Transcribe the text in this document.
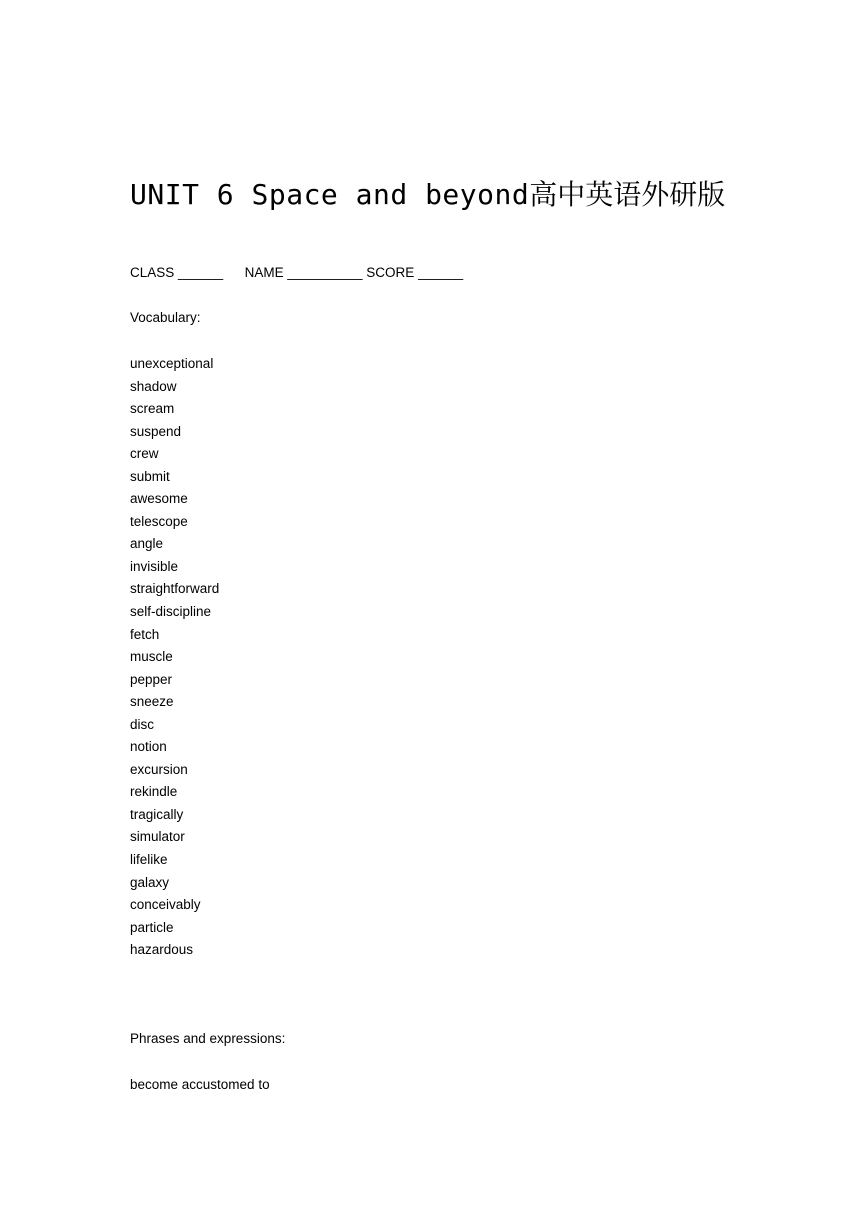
UNIT 6 Space and beyond高中英语外研版
CLASS ______ NAME __________ SCORE ______
Vocabulary:
unexceptional
shadow
scream
suspend
crew
submit
awesome
telescope
angle
invisible
straightforward
self-discipline
fetch
muscle
pepper
sneeze
disc
notion
excursion
rekindle
tragically
simulator
lifelike
galaxy
conceivably
particle
hazardous
Phrases and expressions:
become accustomed to
